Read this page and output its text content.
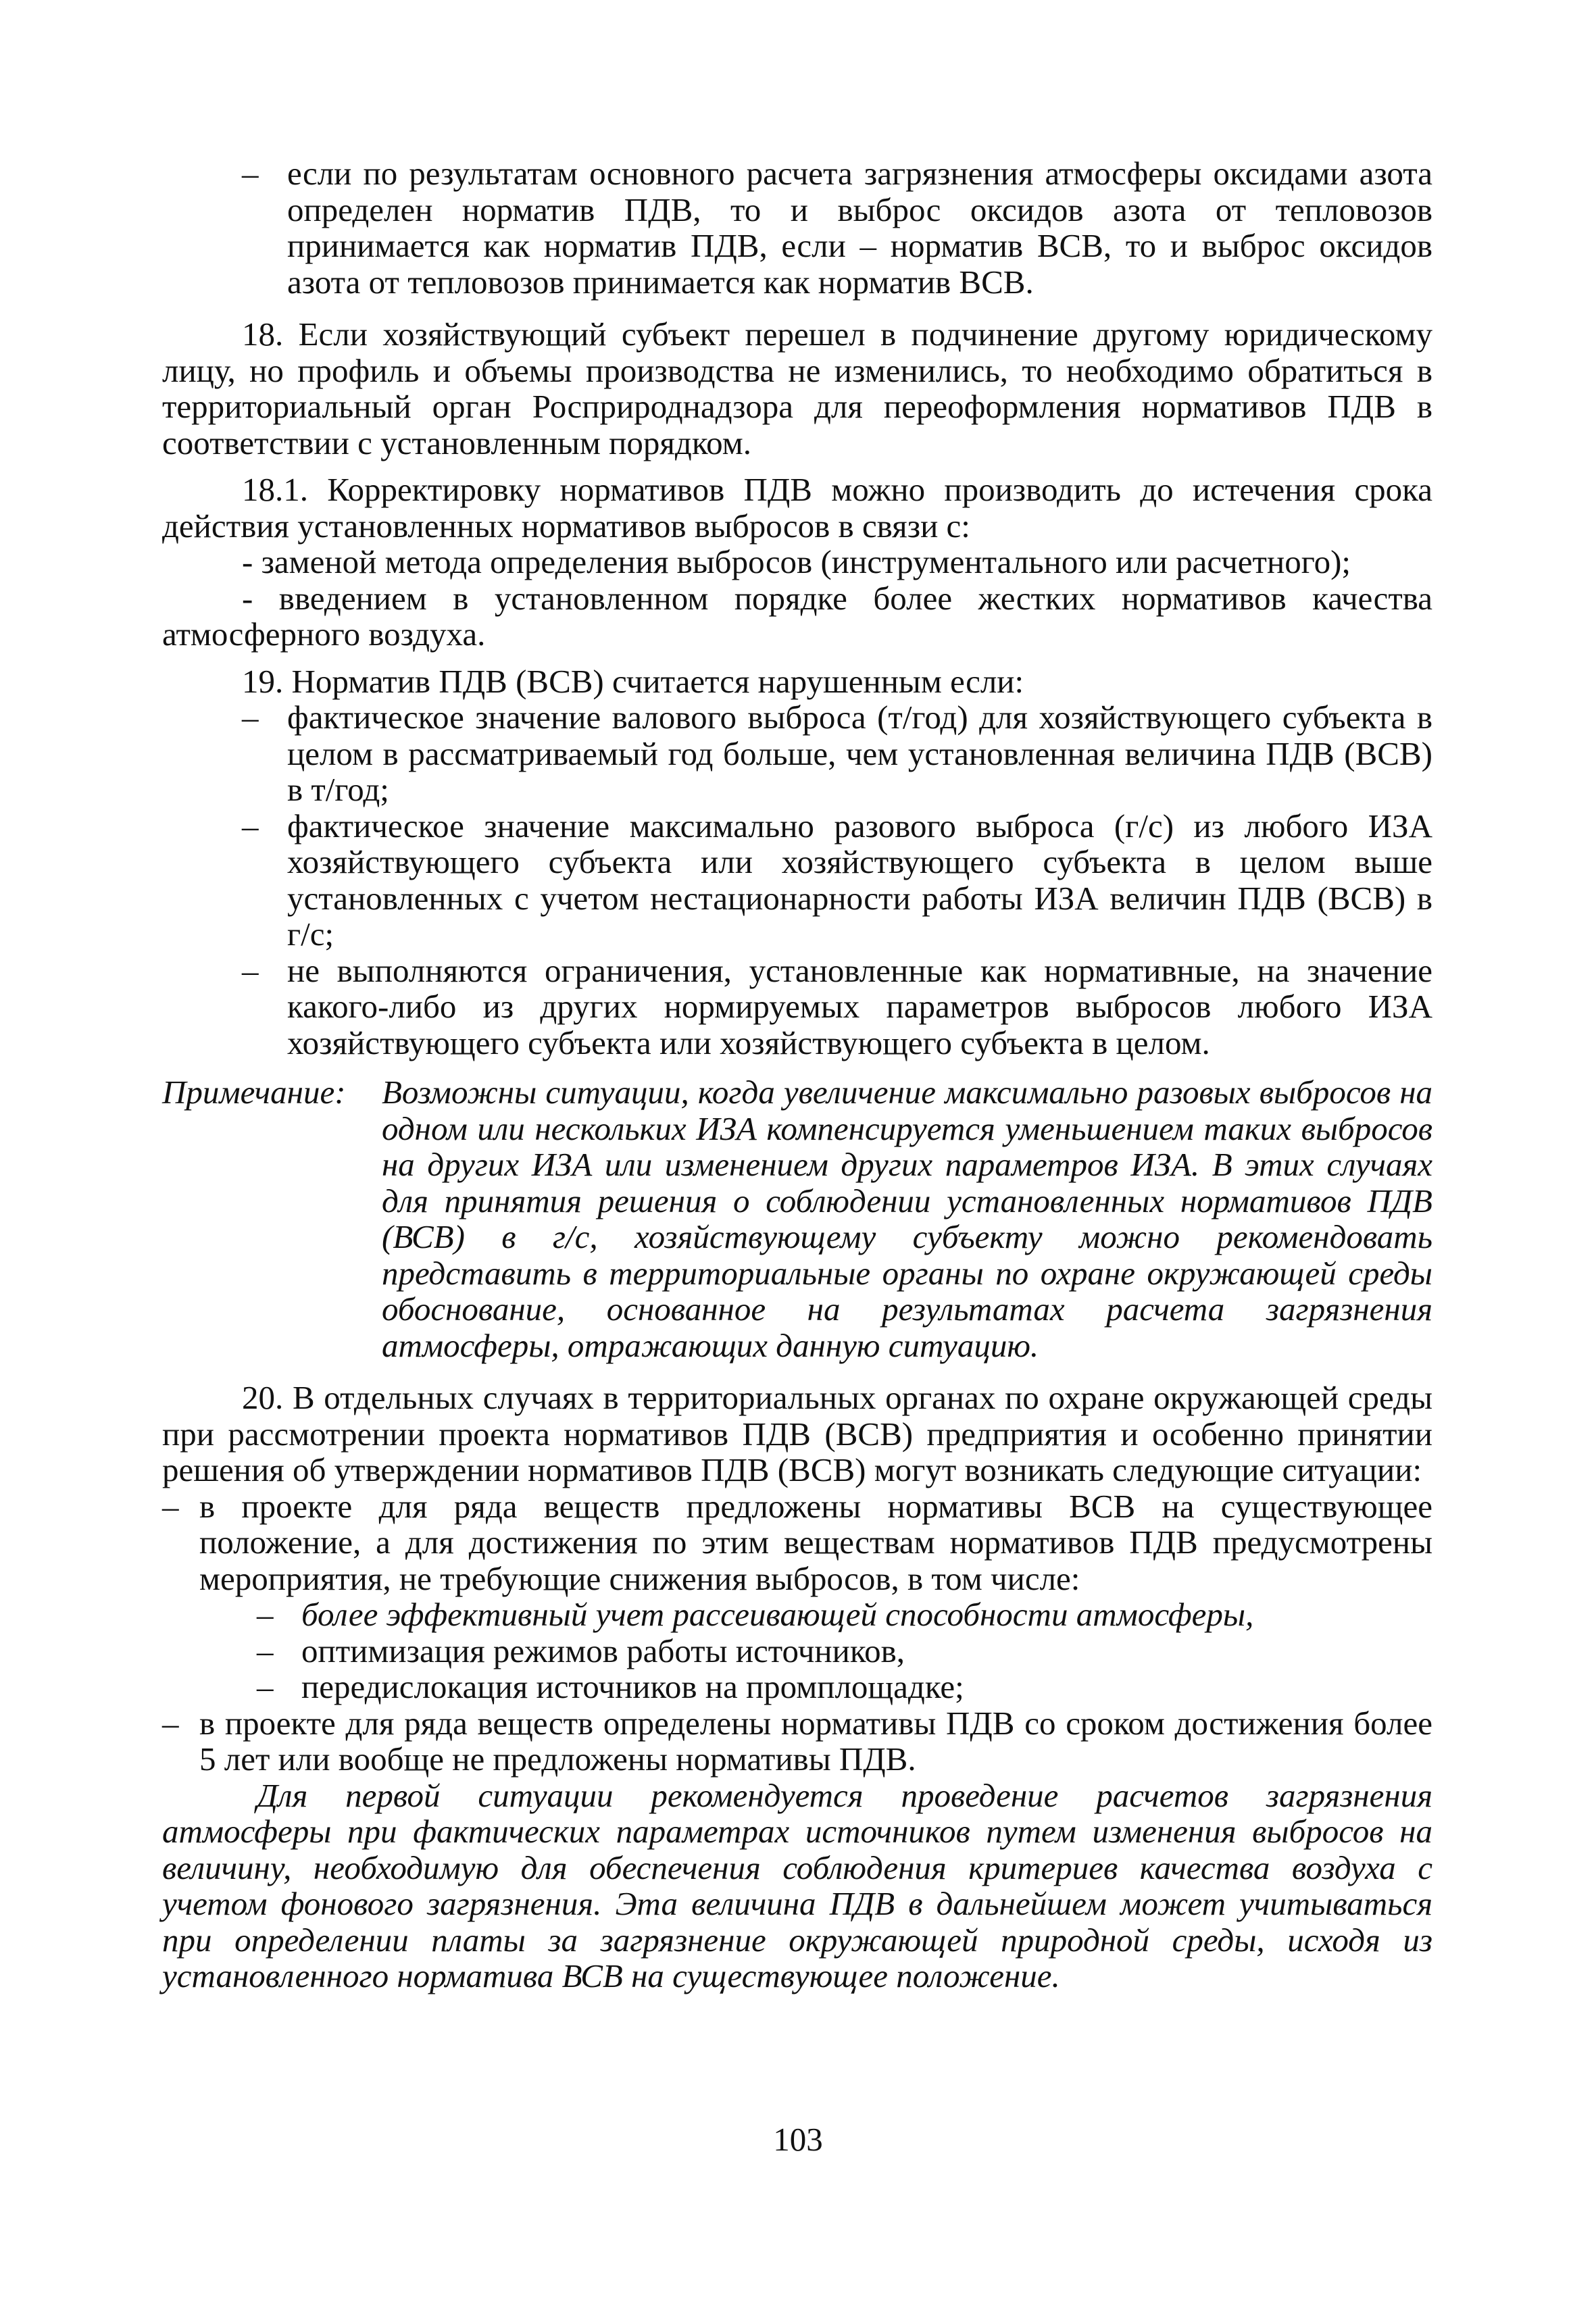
– если по результатам основного расчета загрязнения атмосферы оксидами азота определен норматив ПДВ, то и выброс оксидов азота от тепловозов принимается как норматив ПДВ, если – норматив ВСВ, то и выброс оксидов азота от тепловозов принимается как норматив ВСВ.

18. Если хозяйствующий субъект перешел в подчинение другому юридическому лицу, но профиль и объемы производства не изменились, то необходимо обратиться в территориальный орган Росприроднадзора для переоформления нормативов ПДВ в соответствии с установленным порядком.

18.1. Корректировку нормативов ПДВ можно производить до истечения срока действия установленных нормативов выбросов в связи с:

- заменой метода определения выбросов (инструментального или расчетного);

- введением в установленном порядке более жестких нормативов качества атмосферного воздуха.

19. Норматив ПДВ (ВСВ) считается нарушенным если:

– фактическое значение валового выброса (т/год) для хозяйствующего субъекта в целом в рассматриваемый год больше, чем установленная величина ПДВ (ВСВ) в т/год;

– фактическое значение максимально разового выброса (г/с) из любого ИЗА хозяйствующего субъекта или хозяйствующего субъекта в целом выше установленных с учетом нестационарности работы ИЗА величин ПДВ (ВСВ) в г/с;

– не выполняются ограничения, установленные как нормативные, на значение какого-либо из других нормируемых параметров выбросов любого ИЗА хозяйствующего субъекта или хозяйствующего субъекта в целом.

Примечание: Возможны ситуации, когда увеличение максимально разовых выбросов на одном или нескольких ИЗА компенсируется уменьшением таких выбросов на других ИЗА или изменением других параметров ИЗА. В этих случаях для принятия решения о соблюдении установленных нормативов ПДВ (ВСВ) в г/с, хозяйствующему субъекту можно рекомендовать представить в территориальные органы по охране окружающей среды обоснование, основанное на результатах расчета загрязнения атмосферы, отражающих данную ситуацию.

20. В отдельных случаях в территориальных органах по охране окружающей среды при рассмотрении проекта нормативов ПДВ (ВСВ) предприятия и особенно принятии решения об утверждении нормативов ПДВ (ВСВ) могут возникать следующие ситуации:

– в проекте для ряда веществ предложены нормативы ВСВ на существующее положение, а для достижения по этим веществам нормативов ПДВ предусмотрены мероприятия, не требующие снижения выбросов, в том числе:

– более эффективный учет рассеивающей способности атмосферы,

– оптимизация режимов работы источников,

– передислокация источников на промплощадке;

– в проекте для ряда веществ определены нормативы ПДВ со сроком достижения более 5 лет или вообще не предложены нормативы ПДВ.

Для первой ситуации рекомендуется проведение расчетов загрязнения атмосферы при фактических параметрах источников путем изменения выбросов на величину, необходимую для обеспечения соблюдения критериев качества воздуха с учетом фонового загрязнения. Эта величина ПДВ в дальнейшем может учитываться при определении платы за загрязнение окружающей природной среды, исходя из установленного норматива ВСВ на существующее положение.

103
